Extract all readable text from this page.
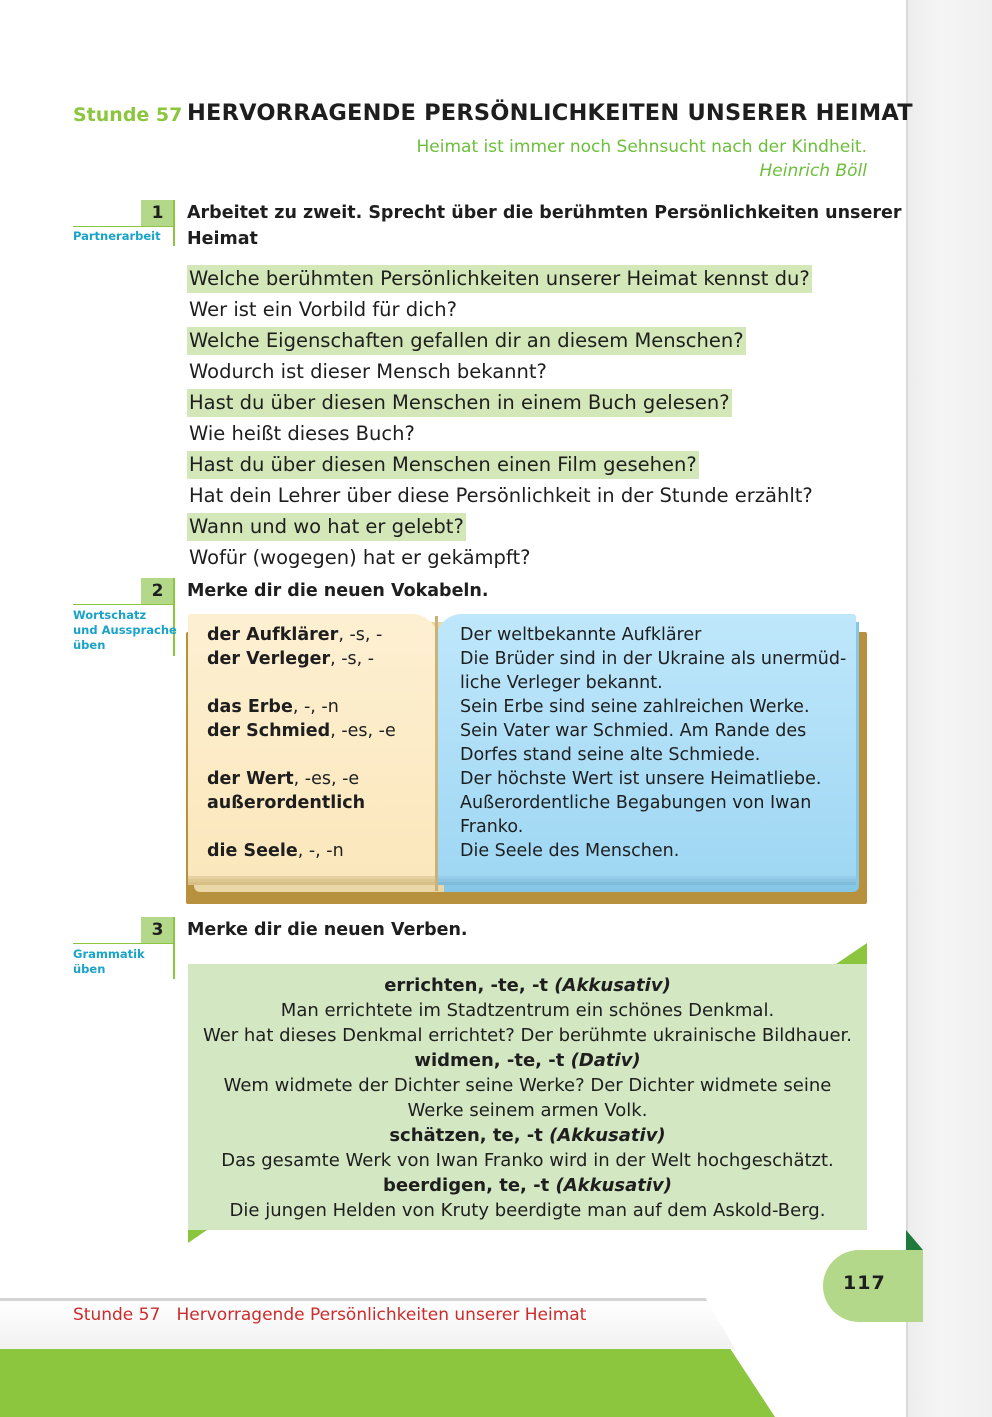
Stunde 57 HERVORRAGENDE PERSÖNLICHKEITEN UNSERER HEIMAT
Heimat ist immer noch Sehnsucht nach der Kindheit.
Heinrich Böll
1
Partnerarbeit
Arbeitet zu zweit. Sprecht über die berühmten Persönlichkeiten unserer
Heimat
Welche berühmten Persönlichkeiten unserer Heimat kennst du?
Wer ist ein Vorbild für dich?
Welche Eigenschaften gefallen dir an diesem Menschen?
Wodurch ist dieser Mensch bekannt?
Hast du über diesen Menschen in einem Buch gelesen?
Wie heißt dieses Buch?
Hast du über diesen Menschen einen Film gesehen?
Hat dein Lehrer über diese Persönlichkeit in der Stunde erzählt?
Wann und wo hat er gelebt?
Wofür (wogegen) hat er gekämpft?
2
Wortschatz
und Aussprache
üben
Merke dir die neuen Vokabeln.
der Aufklärer, -s, -
der Verleger, -s, -
das Erbe, -, -n
der Schmied, -es, -e
der Wert, -es, -e
außerordentlich
die Seele, -, -n
Der weltbekannte Aufklärer
Die Brüder sind in der Ukraine als unermüd-
liche Verleger bekannt.
Sein Erbe sind seine zahlreichen Werke.
Sein Vater war Schmied. Am Rande des
Dorfes stand seine alte Schmiede.
Der höchste Wert ist unsere Heimatliebe.
Außerordentliche Begabungen von Iwan
Franko.
Die Seele des Menschen.
3
Grammatik
üben
Merke dir die neuen Verben.
errichten, -te, -t (Akkusativ)
Man errichtete im Stadtzentrum ein schönes Denkmal.
Wer hat dieses Denkmal errichtet? Der berühmte ukrainische Bildhauer.
widmen, -te, -t (Dativ)
Wem widmete der Dichter seine Werke? Der Dichter widmete seine
Werke seinem armen Volk.
schätzen, te, -t (Akkusativ)
Das gesamte Werk von Iwan Franko wird in der Welt hochgeschätzt.
beerdigen, te, -t (Akkusativ)
Die jungen Helden von Kruty beerdigte man auf dem Askold-Berg.
117
Stunde 57 Hervorragende Persönlichkeiten unserer Heimat
